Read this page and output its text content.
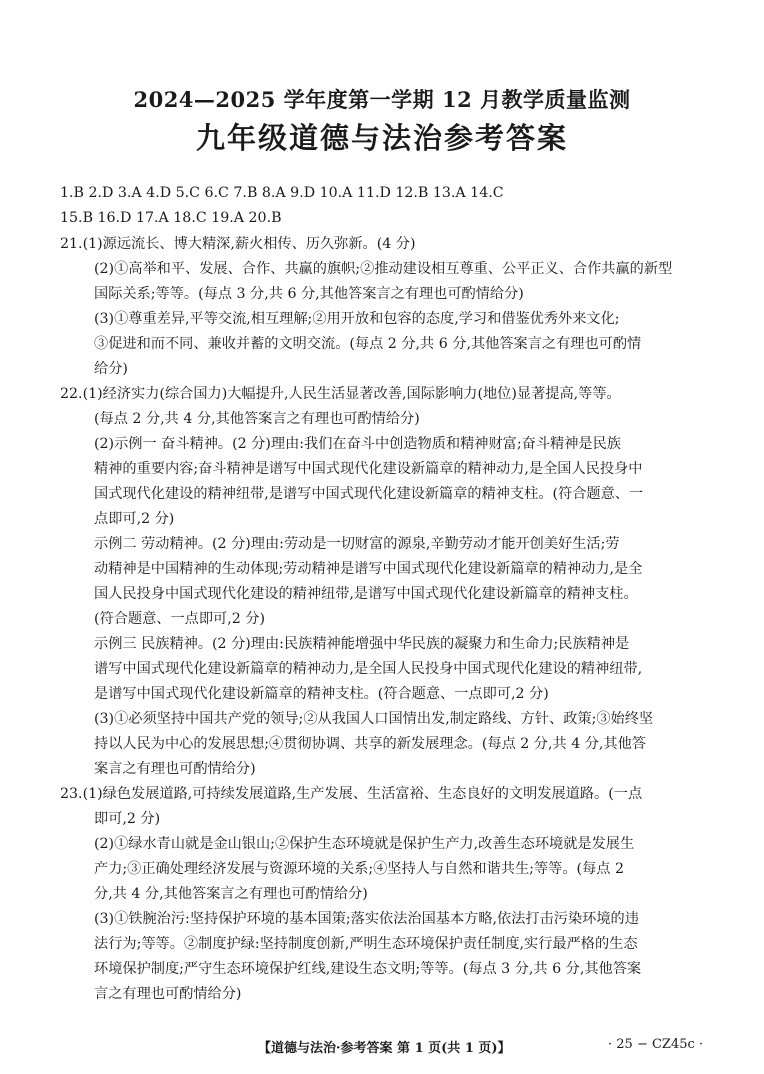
2024—2025 学年度第一学期 12 月教学质量监测
九年级道德与法治参考答案
1.B 2.D 3.A 4.D 5.C 6.C 7.B 8.A 9.D 10.A 11.D 12.B 13.A 14.C
15.B 16.D 17.A 18.C 19.A 20.B
21.(1)源远流长、博大精深,薪火相传、历久弥新。(4 分)
(2)①高举和平、发展、合作、共赢的旗帜;②推动建设相互尊重、公平正义、合作共赢的新型
国际关系;等等。(每点 3 分,共 6 分,其他答案言之有理也可酌情给分)
(3)①尊重差异,平等交流,相互理解;②用开放和包容的态度,学习和借鉴优秀外来文化;
③促进和而不同、兼收并蓄的文明交流。(每点 2 分,共 6 分,其他答案言之有理也可酌情
给分)
22.(1)经济实力(综合国力)大幅提升,人民生活显著改善,国际影响力(地位)显著提高,等等。
(每点 2 分,共 4 分,其他答案言之有理也可酌情给分)
(2)示例一 奋斗精神。(2 分)理由:我们在奋斗中创造物质和精神财富;奋斗精神是民族
精神的重要内容;奋斗精神是谱写中国式现代化建设新篇章的精神动力,是全国人民投身中
国式现代化建设的精神纽带,是谱写中国式现代化建设新篇章的精神支柱。(符合题意、一
点即可,2 分)
示例二 劳动精神。(2 分)理由:劳动是一切财富的源泉,辛勤劳动才能开创美好生活;劳
动精神是中国精神的生动体现;劳动精神是谱写中国式现代化建设新篇章的精神动力,是全
国人民投身中国式现代化建设的精神纽带,是谱写中国式现代化建设新篇章的精神支柱。
(符合题意、一点即可,2 分)
示例三 民族精神。(2 分)理由:民族精神能增强中华民族的凝聚力和生命力;民族精神是
谱写中国式现代化建设新篇章的精神动力,是全国人民投身中国式现代化建设的精神纽带,
是谱写中国式现代化建设新篇章的精神支柱。(符合题意、一点即可,2 分)
(3)①必须坚持中国共产党的领导;②从我国人口国情出发,制定路线、方针、政策;③始终坚
持以人民为中心的发展思想;④贯彻协调、共享的新发展理念。(每点 2 分,共 4 分,其他答
案言之有理也可酌情给分)
23.(1)绿色发展道路,可持续发展道路,生产发展、生活富裕、生态良好的文明发展道路。(一点
即可,2 分)
(2)①绿水青山就是金山银山;②保护生态环境就是保护生产力,改善生态环境就是发展生
产力;③正确处理经济发展与资源环境的关系;④坚持人与自然和谐共生;等等。(每点 2
分,共 4 分,其他答案言之有理也可酌情给分)
(3)①铁腕治污:坚持保护环境的基本国策;落实依法治国基本方略,依法打击污染环境的违
法行为;等等。②制度护绿:坚持制度创新,严明生态环境保护责任制度,实行最严格的生态
环境保护制度;严守生态环境保护红线,建设生态文明;等等。(每点 3 分,共 6 分,其他答案
言之有理也可酌情给分)
【道德与法治·参考答案 第 1 页(共 1 页)】	· 25 − CZ45c ·
